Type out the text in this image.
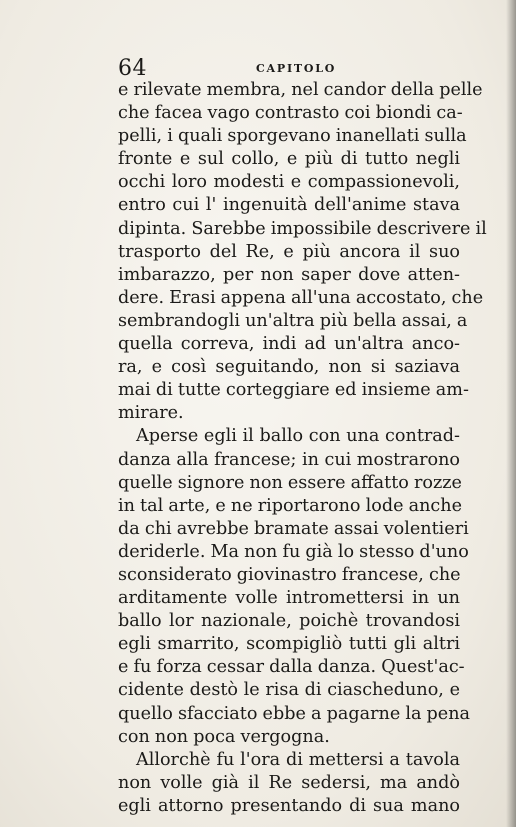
64	CAPITOLO
e rilevate membra, nel candor della pelle
che facea vago contrasto coi biondi ca-
pelli, i quali sporgevano inanellati sulla
fronte e sul collo, e più di tutto negli
occhi loro modesti e compassionevoli,
entro cui l' ingenuità dell'anime stava
dipinta. Sarebbe impossibile descrivere il
trasporto del Re, e più ancora il suo
imbarazzo, per non saper dove atten-
dere. Erasi appena all'una accostato, che
sembrandogli un'altra più bella assai, a
quella correva, indi ad un'altra anco-
ra, e così seguitando, non si saziava
mai di tutte corteggiare ed insieme am-
mirare.
Aperse egli il ballo con una contrad-
danza alla francese; in cui mostrarono
quelle signore non essere affatto rozze
in tal arte, e ne riportarono lode anche
da chi avrebbe bramate assai volentieri
deriderle. Ma non fu già lo stesso d'uno
sconsiderato giovinastro francese, che
arditamente volle intromettersi in un
ballo lor nazionale, poichè trovandosi
egli smarrito, scompigliò tutti gli altri
e fu forza cessar dalla danza. Quest'ac-
cidente destò le risa di ciascheduno, e
quello sfacciato ebbe a pagarne la pena
con non poca vergogna.
Allorchè fu l'ora di mettersi a tavola
non volle già il Re sedersi, ma andò
egli attorno presentando di sua mano
